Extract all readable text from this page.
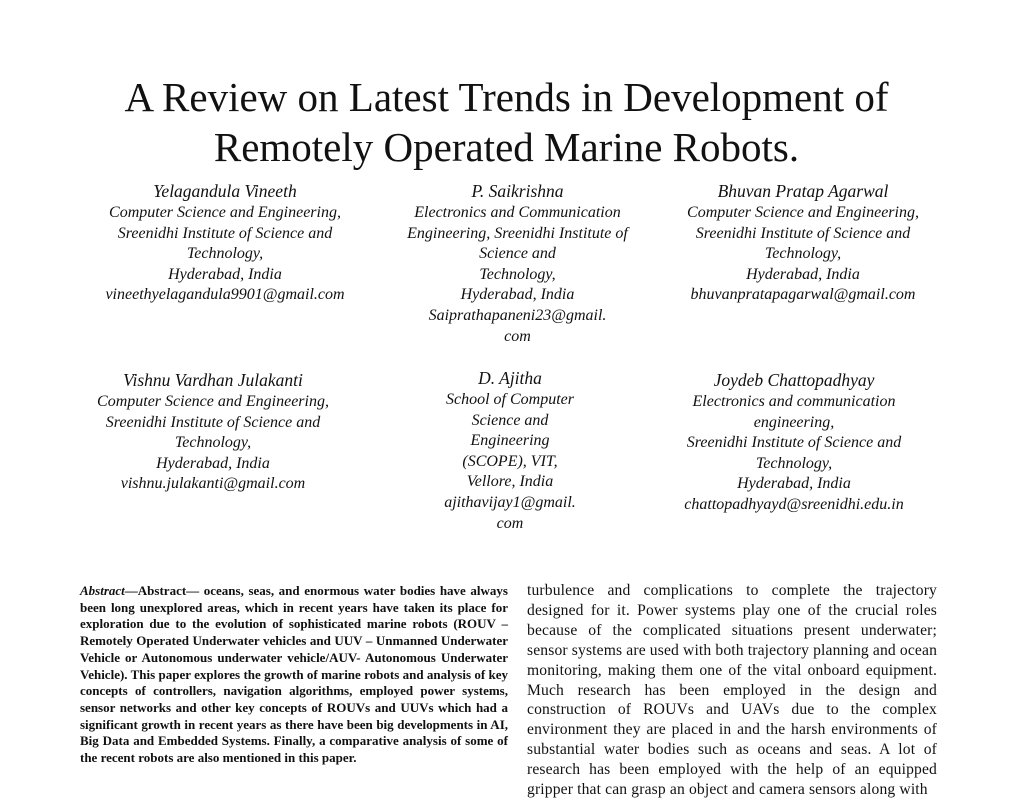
A Review on Latest Trends in Development of
Remotely Operated Marine Robots.
Yelagandula Vineeth
Computer Science and Engineering,
Sreenidhi Institute of Science and
Technology,
Hyderabad, India
vineethyelagandula9901@gmail.com
P. Saikrishna
Electronics and Communication
Engineering, Sreenidhi Institute of
Science and
Technology,
Hyderabad, India
Saiprathapaneni23@gmail.
com
Bhuvan Pratap Agarwal
Computer Science and Engineering,
Sreenidhi Institute of Science and
Technology,
Hyderabad, India
bhuvanpratapagarwal@gmail.com
Vishnu Vardhan Julakanti
Computer Science and Engineering,
Sreenidhi Institute of Science and
Technology,
Hyderabad, India
vishnu.julakanti@gmail.com
D. Ajitha
School of Computer
Science and
Engineering
(SCOPE), VIT,
Vellore, India
ajithavijay1@gmail.
com
Joydeb Chattopadhyay
Electronics and communication
engineering,
Sreenidhi Institute of Science and
Technology,
Hyderabad, India
chattopadhyayd@sreenidhi.edu.in
Abstract—Abstract— oceans, seas, and enormous water bodies have always been long unexplored areas, which in recent years have taken its place for exploration due to the evolution of sophisticated marine robots (ROUV – Remotely Operated Underwater vehicles and UUV – Unmanned Underwater Vehicle or Autonomous underwater vehicle/AUV- Autonomous Underwater Vehicle). This paper explores the growth of marine robots and analysis of key concepts of controllers, navigation algorithms, employed power systems, sensor networks and other key concepts of ROUVs and UUVs which had a significant growth in recent years as there have been big developments in AI, Big Data and Embedded Systems. Finally, a comparative analysis of some of the recent robots are also mentioned in this paper.
turbulence and complications to complete the trajectory designed for it. Power systems play one of the crucial roles because of the complicated situations present underwater; sensor systems are used with both trajectory planning and ocean monitoring, making them one of the vital onboard equipment. Much research has been employed in the design and construction of ROUVs and UAVs due to the complex environment they are placed in and the harsh environments of substantial water bodies such as oceans and seas. A lot of research has been employed with the help of an equipped gripper that can grasp an object and camera sensors along with
